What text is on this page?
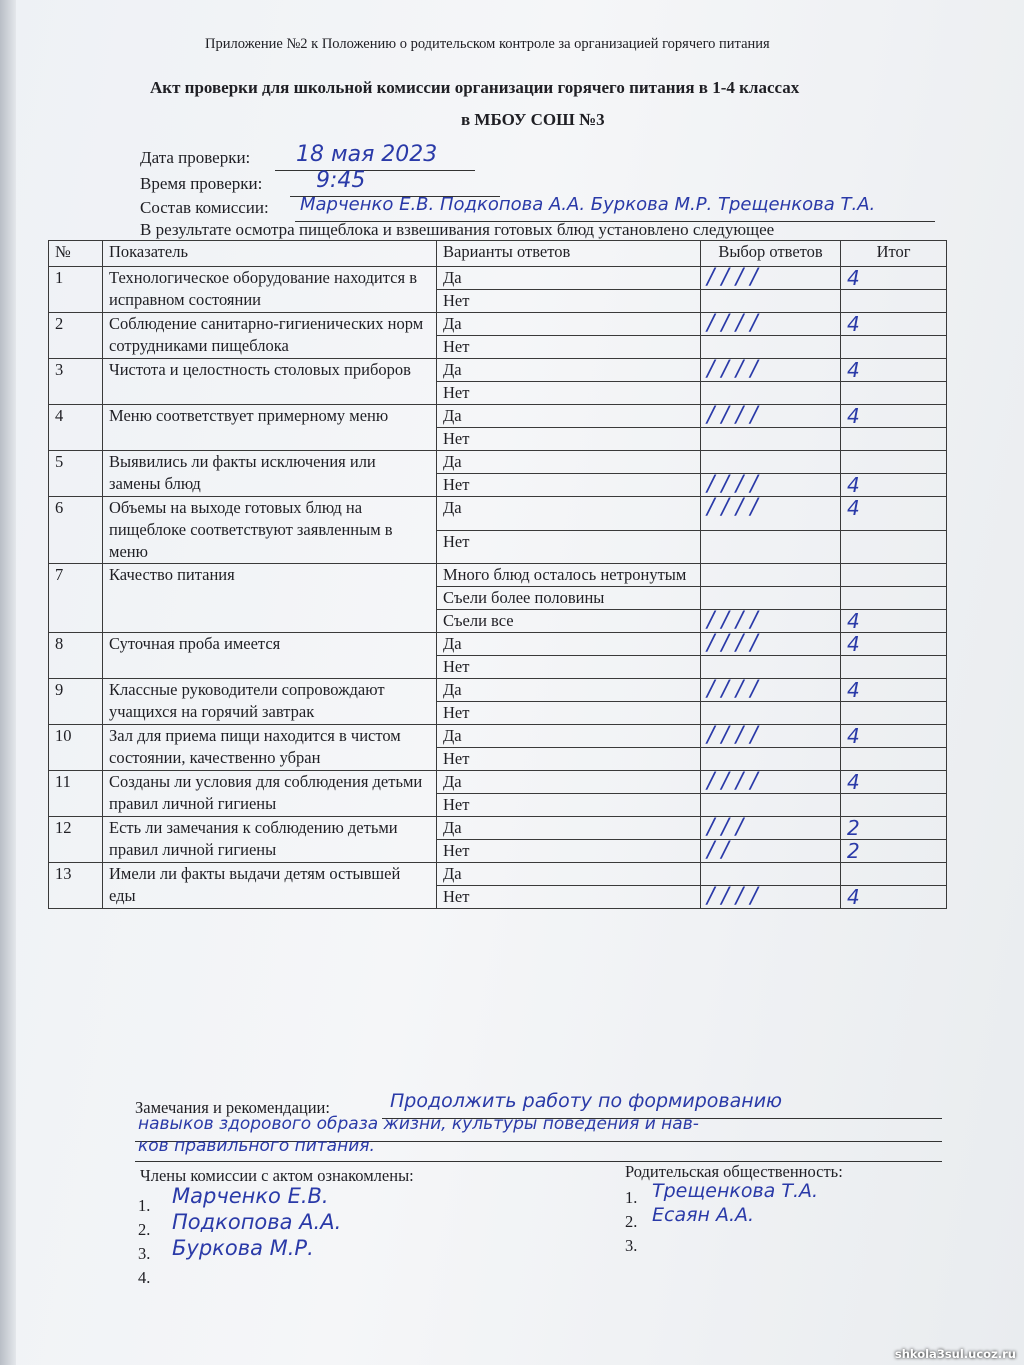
Приложение №2 к Положению о родительском контроле за организацией горячего питания
Акт проверки для школьной комиссии организации горячего питания в 1-4 классах
в МБОУ СОШ №3
Дата проверки: 18 мая 2023
Время проверки: 9:45
Состав комиссии: Марченко Е.В. Подкопова А.А. Буркова М.Р. Трещенкова Т.А.
В результате осмотра пищеблока и взвешивания готовых блюд установлено следующее
№	Показатель	Варианты ответов	Выбор ответов	Итог
1	Технологическое оборудование находится в исправном состоянии	Да	/ / / /	4
		Нет		
2	Соблюдение санитарно-гигиенических норм сотрудниками пищеблока	Да	/ / / /	4
		Нет		
3	Чистота и целостность столовых приборов	Да	/ / / /	4
		Нет		
4	Меню соответствует примерному меню	Да	/ / / /	4
		Нет		
5	Выявились ли факты исключения или замены блюд	Да		
		Нет	/ / / /	4
6	Объемы на выходе готовых блюд на пищеблоке соответствуют заявленным в меню	Да	/ / / /	4
		Нет		
7	Качество питания	Много блюд осталось нетронутым		
		Съели более половины		
		Съели все	/ / / /	4
8	Суточная проба имеется	Да	/ / / /	4
		Нет		
9	Классные руководители сопровождают учащихся на горячий завтрак	Да	/ / / /	4
		Нет		
10	Зал для приема пищи находится в чистом состоянии, качественно убран	Да	/ / / /	4
		Нет		
11	Созданы ли условия для соблюдения детьми правил личной гигиены	Да	/ / / /	4
		Нет		
12	Есть ли замечания к соблюдению детьми правил личной гигиены	Да	/ / /	2
		Нет	/ /	2
13	Имели ли факты выдачи детям остывшей еды	Да		
		Нет	/ / / /	4
Замечания и рекомендации:	Продолжить работу по формированию
навыков здорового образа жизни, культуры поведения и нав-
ков правильного питания.
Члены комиссии с актом ознакомлены:
1. Марченко Е.В.
2. Подкопова А.А.
3. Буркова М.Р.
4.
Родительская общественность:
1. Трещенкова Т.А.
2. Есаян А.А.
3.
shkola3sul.ucoz.ru
